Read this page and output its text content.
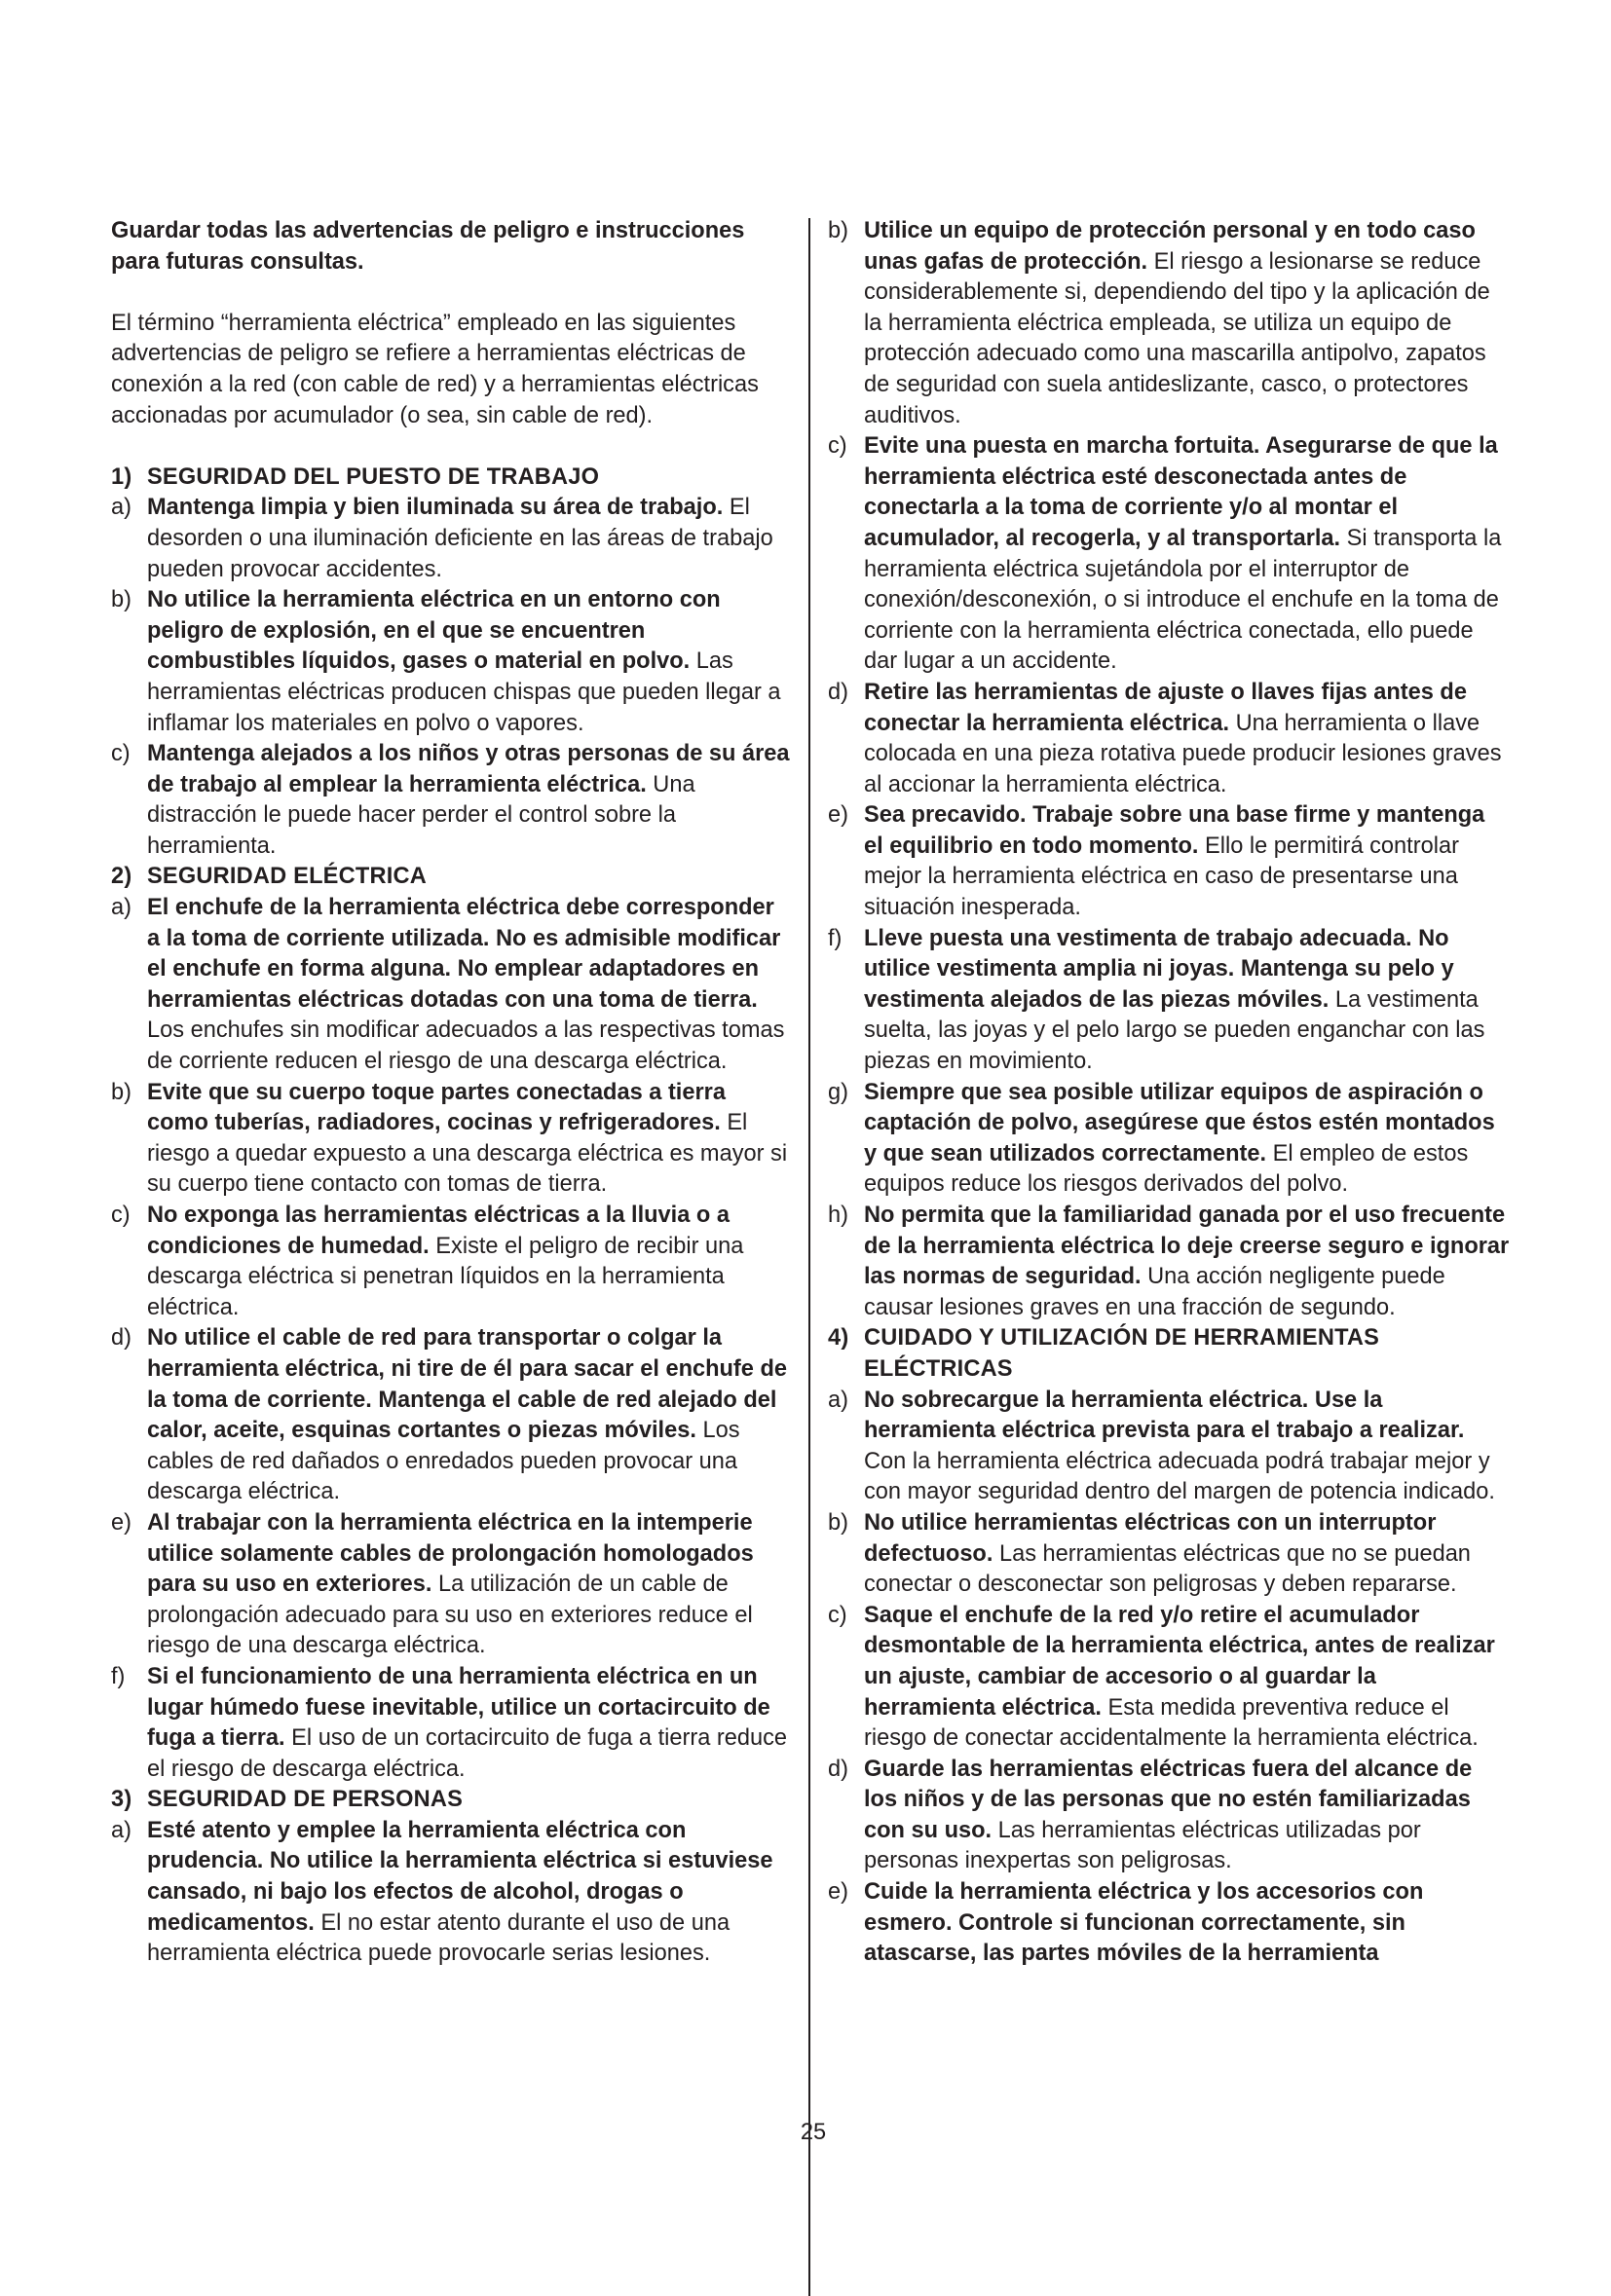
Guardar todas las advertencias de peligro e instrucciones para futuras consultas.

El término “herramienta eléctrica” empleado en las siguientes advertencias de peligro se refiere a herramientas eléctricas de conexión a la red (con cable de red) y a herramientas eléctricas accionadas por acumulador (o sea, sin cable de red).

1) SEGURIDAD DEL PUESTO DE TRABAJO
a) Mantenga limpia y bien iluminada su área de trabajo. El desorden o una iluminación deficiente en las áreas de trabajo pueden provocar accidentes.
b) No utilice la herramienta eléctrica en un entorno con peligro de explosión, en el que se encuentren combustibles líquidos, gases o material en polvo. Las herramientas eléctricas producen chispas que pueden llegar a inflamar los materiales en polvo o vapores.
c) Mantenga alejados a los niños y otras personas de su área de trabajo al emplear la herramienta eléctrica. Una distracción le puede hacer perder el control sobre la herramienta.
2) SEGURIDAD ELÉCTRICA
a) El enchufe de la herramienta eléctrica debe corresponder a la toma de corriente utilizada. No es admisible modificar el enchufe en forma alguna. No emplear adaptadores en herramientas eléctricas dotadas con una toma de tierra. Los enchufes sin modificar adecuados a las respectivas tomas de corriente reducen el riesgo de una descarga eléctrica.
b) Evite que su cuerpo toque partes conectadas a tierra como tuberías, radiadores, cocinas y refrigeradores. El riesgo a quedar expuesto a una descarga eléctrica es mayor si su cuerpo tiene contacto con tomas de tierra.
c) No exponga las herramientas eléctricas a la lluvia o a condiciones de humedad. Existe el peligro de recibir una descarga eléctrica si penetran líquidos en la herramienta eléctrica.
d) No utilice el cable de red para transportar o colgar la herramienta eléctrica, ni tire de él para sacar el enchufe de la toma de corriente. Mantenga el cable de red alejado del calor, aceite, esquinas cortantes o piezas móviles. Los cables de red dañados o enredados pueden provocar una descarga eléctrica.
e) Al trabajar con la herramienta eléctrica en la intemperie utilice solamente cables de prolongación homologados para su uso en exteriores. La utilización de un cable de prolongación adecuado para su uso en exteriores reduce el riesgo de una descarga eléctrica.
f) Si el funcionamiento de una herramienta eléctrica en un lugar húmedo fuese inevitable, utilice un cortacircuito de fuga a tierra. El uso de un cortacircuito de fuga a tierra reduce el riesgo de descarga eléctrica.
3) SEGURIDAD DE PERSONAS
a) Esté atento y emplee la herramienta eléctrica con prudencia. No utilice la herramienta eléctrica si estuviese cansado, ni bajo los efectos de alcohol, drogas o medicamentos. El no estar atento durante el uso de una herramienta eléctrica puede provocarle serias lesiones.
b) Utilice un equipo de protección personal y en todo caso unas gafas de protección. El riesgo a lesionarse se reduce considerablemente si, dependiendo del tipo y la aplicación de la herramienta eléctrica empleada, se utiliza un equipo de protección adecuado como una mascarilla antipolvo, zapatos de seguridad con suela antideslizante, casco, o protectores auditivos.
c) Evite una puesta en marcha fortuita. Asegurarse de que la herramienta eléctrica esté desconectada antes de conectarla a la toma de corriente y/o al montar el acumulador, al recogerla, y al transportarla. Si transporta la herramienta eléctrica sujetándola por el interruptor de conexión/desconexión, o si introduce el enchufe en la toma de corriente con la herramienta eléctrica conectada, ello puede dar lugar a un accidente.
d) Retire las herramientas de ajuste o llaves fijas antes de conectar la herramienta eléctrica. Una herramienta o llave colocada en una pieza rotativa puede producir lesiones graves al accionar la herramienta eléctrica.
e) Sea precavido. Trabaje sobre una base firme y mantenga el equilibrio en todo momento. Ello le permitirá controlar mejor la herramienta eléctrica en caso de presentarse una situación inesperada.
f) Lleve puesta una vestimenta de trabajo adecuada. No utilice vestimenta amplia ni joyas. Mantenga su pelo y vestimenta alejados de las piezas móviles. La vestimenta suelta, las joyas y el pelo largo se pueden enganchar con las piezas en movimiento.
g) Siempre que sea posible utilizar equipos de aspiración o captación de polvo, asegúrese que éstos estén montados y que sean utilizados correctamente. El empleo de estos equipos reduce los riesgos derivados del polvo.
h) No permita que la familiaridad ganada por el uso frecuente de la herramienta eléctrica lo deje creerse seguro e ignorar las normas de seguridad. Una acción negligente puede causar lesiones graves en una fracción de segundo.
4) CUIDADO Y UTILIZACIÓN DE HERRAMIENTAS ELÉCTRICAS
a) No sobrecargue la herramienta eléctrica. Use la herramienta eléctrica prevista para el trabajo a realizar. Con la herramienta eléctrica adecuada podrá trabajar mejor y con mayor seguridad dentro del margen de potencia indicado.
b) No utilice herramientas eléctricas con un interruptor defectuoso. Las herramientas eléctricas que no se puedan conectar o desconectar son peligrosas y deben repararse.
c) Saque el enchufe de la red y/o retire el acumulador desmontable de la herramienta eléctrica, antes de realizar un ajuste, cambiar de accesorio o al guardar la herramienta eléctrica. Esta medida preventiva reduce el riesgo de conectar accidentalmente la herramienta eléctrica.
d) Guarde las herramientas eléctricas fuera del alcance de los niños y de las personas que no estén familiarizadas con su uso. Las herramientas eléctricas utilizadas por personas inexpertas son peligrosas.
e) Cuide la herramienta eléctrica y los accesorios con esmero. Controle si funcionan correctamente, sin atascarse, las partes móviles de la herramienta
25
